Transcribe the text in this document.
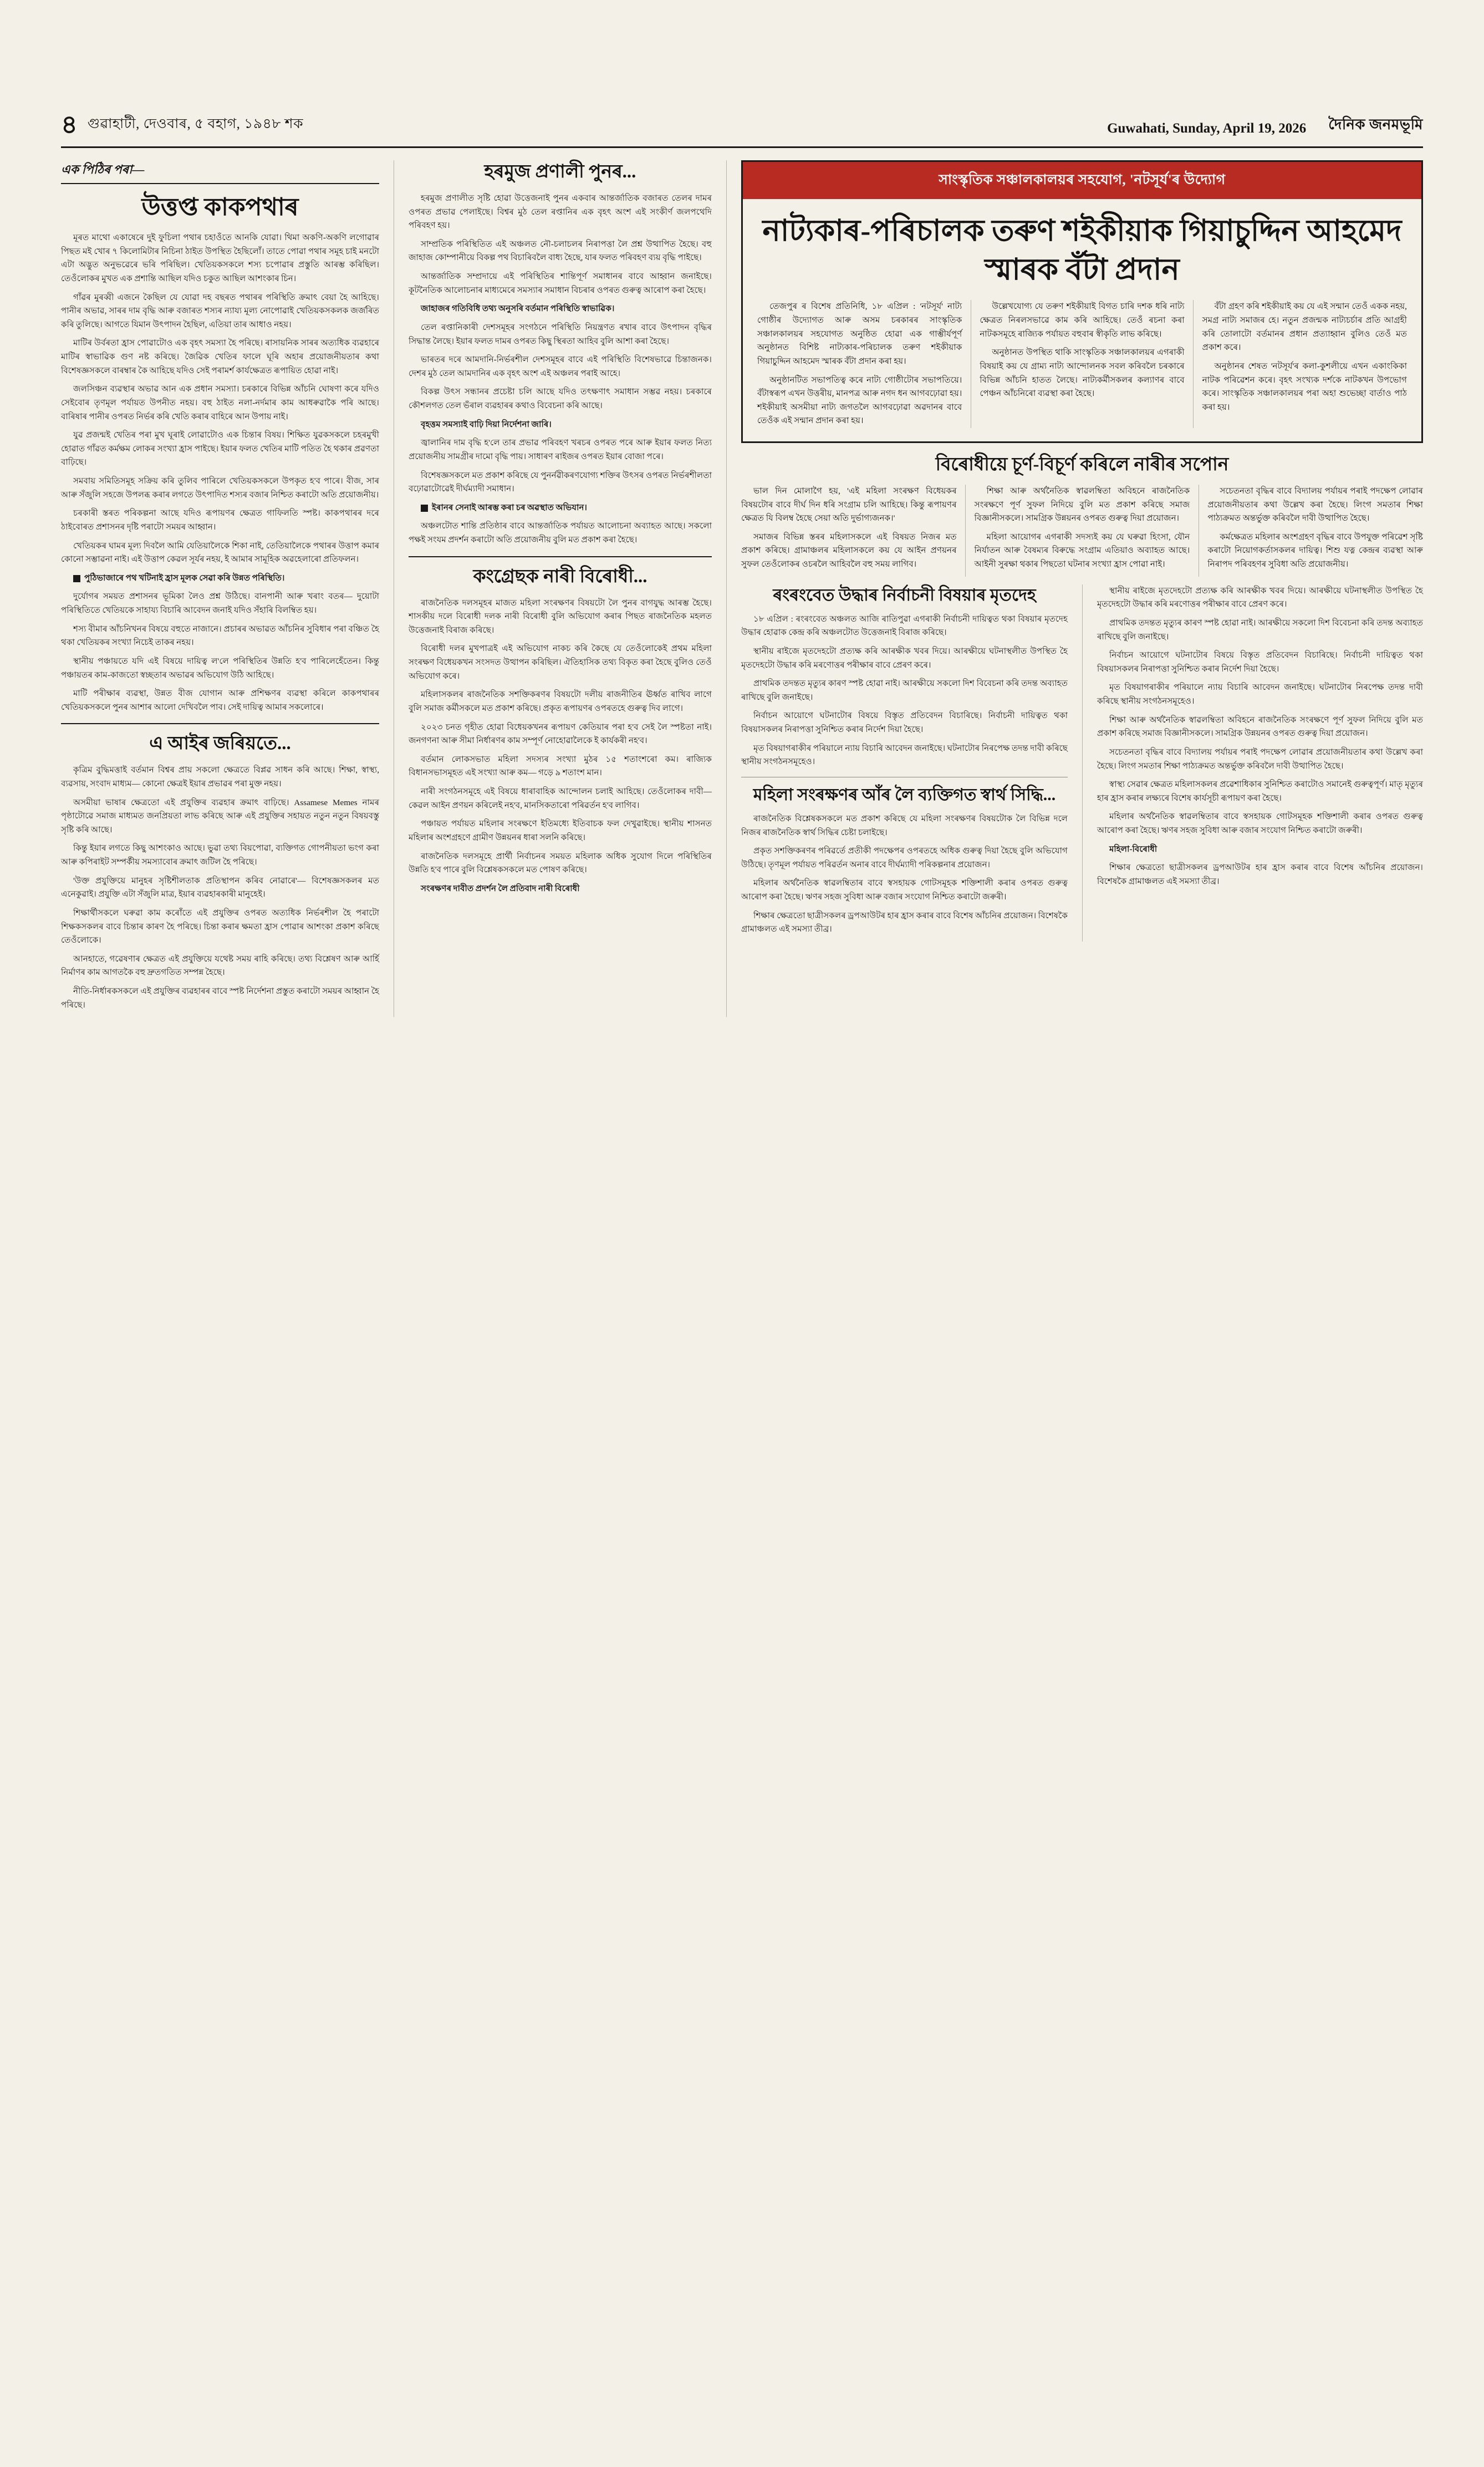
৪ গুৱাহাটী, দেওবাৰ, ৫ বহাগ, ১৯৪৮ শক	Guwahati, Sunday, April 19, 2026 দৈনিক জনমভূমি
এক পিঠিৰ পৰা—
উত্তপ্ত কাকপথাৰ

মূৰত মাথো একাষেৰে দুই ফুচিলা পথাৰ চহাওঁতে আনকি যোৱা। থিমা অকণি-অকণি লগোৱাৰ পিছত মই খোৰ ৭ কিলোমিটাৰ নিচিনা ঠাইত উপস্থিত হৈছিলোঁ। তাতে পোৱা পথাৰ সমূহ চাই মনটো এটা অদ্ভুত অনুভৱেৰে ভৰি পৰিছিল। খেতিয়কসকলে শস্য চপোৱাৰ প্ৰস্তুতি আৰম্ভ কৰিছিল। তেওঁলোকৰ মুখত এক প্ৰশান্তি আছিল যদিও চকুত আছিল আশংকাৰ চিন।

গাঁৱৰ মুৰব্বী এজনে কৈছিল যে যোৱা দহ বছৰত পথাৰৰ পৰিস্থিতি ক্ৰমাৎ বেয়া হৈ আহিছে। পানীৰ অভাৱ, সাৰৰ দাম বৃদ্ধি আৰু বজাৰত শস্যৰ ন্যায্য মূল্য নোপোৱাই খেতিয়কসকলক জৰ্জৰিত কৰি তুলিছে। আগতে যিমান উৎপাদন হৈছিল, এতিয়া তাৰ আধাও নহয়।

মাটিৰ উৰ্বৰতা হ্ৰাস পোৱাটোও এক বৃহৎ সমস্যা হৈ পৰিছে। ৰাসায়নিক সাৰৰ অত্যধিক ব্যৱহাৰে মাটিৰ স্বাভাৱিক গুণ নষ্ট কৰিছে। জৈৱিক খেতিৰ ফালে ঘূৰি অহাৰ প্ৰয়োজনীয়তাৰ কথা বিশেষজ্ঞসকলে বাৰম্বাৰ কৈ আহিছে যদিও সেই পৰামৰ্শ কাৰ্যক্ষেত্ৰত ৰূপায়িত হোৱা নাই।

জলসিঞ্চন ব্যৱস্থাৰ অভাৱ আন এক প্ৰধান সমস্যা। চৰকাৰে বিভিন্ন আঁচনি ঘোষণা কৰে যদিও সেইবোৰ তৃণমূল পৰ্যায়ত উপনীত নহয়। বহু ঠাইত নলা-নৰ্দমাৰ কাম আধৰুৱাকৈ পৰি আছে। বাৰিষাৰ পানীৰ ওপৰত নিৰ্ভৰ কৰি খেতি কৰাৰ বাহিৰে আন উপায় নাই।

যুৱ প্ৰজন্মই খেতিৰ পৰা মুখ ঘূৰাই লোৱাটোও এক চিন্তাৰ বিষয়। শিক্ষিত যুৱকসকলে চহৰমুখী হোৱাত গাঁৱত কৰ্মক্ষম লোকৰ সংখ্যা হ্ৰাস পাইছে। ইয়াৰ ফলত খেতিৰ মাটি পতিত হৈ থকাৰ প্ৰৱণতা বাঢ়িছে।

সমবায় সমিতিসমূহ সক্ৰিয় কৰি তুলিব পাৰিলে খেতিয়কসকলে উপকৃত হ'ব পাৰে। বীজ, সাৰ আৰু সঁজুলি সহজে উপলব্ধ কৰাৰ লগতে উৎপাদিত শস্যৰ বজাৰ নিশ্চিত কৰাটো অতি প্ৰয়োজনীয়।

চৰকাৰী স্তৰত পৰিকল্পনা আছে যদিও ৰূপায়ণৰ ক্ষেত্ৰত গাফিলতি স্পষ্ট। কাকপথাৰৰ দৰে ঠাইবোৰত প্ৰশাসনৰ দৃষ্টি পৰাটো সময়ৰ আহ্বান।

খেতিয়কৰ ঘামৰ মূল্য দিবলৈ আমি যেতিয়ালৈকে শিকা নাই, তেতিয়ালৈকে পথাৰৰ উত্তাপ কমাৰ কোনো সম্ভাৱনা নাই। এই উত্তাপ কেৱল সূৰ্যৰ নহয়, ই আমাৰ সামূহিক অৱহেলাৰো প্ৰতিফলন।

পুঠিভাজাৰে পথ খটিনাই হ্ৰাস মূলক সেৱা কৰি উন্নত পৰিস্থিতি।

দুৰ্যোগৰ সময়ত প্ৰশাসনৰ ভূমিকা লৈও প্ৰশ্ন উঠিছে। বানপানী আৰু খৰাং বতৰ— দুয়োটা পৰিস্থিতিতে খেতিয়কে সাহায্য বিচাৰি আবেদন জনাই যদিও সঁহাৰি বিলম্বিত হয়।

শস্য বীমাৰ আঁচনিখনৰ বিষয়ে বহুতে নাজানে। প্ৰচাৰৰ অভাৱত আঁচনিৰ সুবিধাৰ পৰা বঞ্চিত হৈ থকা খেতিয়কৰ সংখ্যা নিচেই তাকৰ নহয়।

স্থানীয় পঞ্চায়তে যদি এই বিষয়ে দায়িত্ব ল'লে পৰিস্থিতিৰ উন্নতি হ'ব পাৰিলেহেঁতেন। কিন্তু পঞ্চায়তৰ কাম-কাজতো স্বচ্ছতাৰ অভাৱৰ অভিযোগ উঠি আহিছে।

মাটি পৰীক্ষাৰ ব্যৱস্থা, উন্নত বীজ যোগান আৰু প্ৰশিক্ষণৰ ব্যৱস্থা কৰিলে কাকপথাৰৰ খেতিয়কসকলে পুনৰ আশাৰ আলো দেখিবলৈ পাব। সেই দায়িত্ব আমাৰ সকলোৰে।

এ আইৰ জৰিয়তে...

কৃত্ৰিম বুদ্ধিমত্তাই বৰ্তমান বিশ্বৰ প্ৰায় সকলো ক্ষেত্ৰতে বিপ্লৱ সাধন কৰি আছে। শিক্ষা, স্বাস্থ্য, ব্যৱসায়, সংবাদ মাধ্যম— কোনো ক্ষেত্ৰই ইয়াৰ প্ৰভাৱৰ পৰা মুক্ত নহয়।

অসমীয়া ভাষাৰ ক্ষেত্ৰতো এই প্ৰযুক্তিৰ ব্যৱহাৰ ক্ৰমাৎ বাঢ়িছে। Assamese Memes নামৰ পৃষ্ঠাটোৱে সমাজ মাধ্যমত জনপ্ৰিয়তা লাভ কৰিছে আৰু এই প্ৰযুক্তিৰ সহায়ত নতুন নতুন বিষয়বস্তু সৃষ্টি কৰি আছে।

কিন্তু ইয়াৰ লগতে কিছু আশংকাও আছে। ভুৱা তথ্য বিয়পোৱা, ব্যক্তিগত গোপনীয়তা ভংগ কৰা আৰু কপিৰাইট সম্পৰ্কীয় সমস্যাবোৰ ক্ৰমাৎ জটিল হৈ পৰিছে।

'উক্ত প্ৰযুক্তিয়ে মানুহৰ সৃষ্টিশীলতাক প্ৰতিস্থাপন কৰিব নোৱাৰে'— বিশেষজ্ঞসকলৰ মত এনেকুৱাই। প্ৰযুক্তি এটা সঁজুলি মাত্ৰ, ইয়াৰ ব্যৱহাৰকাৰী মানুহেই।

শিক্ষাৰ্থীসকলে ঘৰুৱা কাম কৰোঁতে এই প্ৰযুক্তিৰ ওপৰত অত্যধিক নিৰ্ভৰশীল হৈ পৰাটো শিক্ষকসকলৰ বাবে চিন্তাৰ কাৰণ হৈ পৰিছে। চিন্তা কৰাৰ ক্ষমতা হ্ৰাস পোৱাৰ আশংকা প্ৰকাশ কৰিছে তেওঁলোকে।

আনহাতে, গৱেষণাৰ ক্ষেত্ৰত এই প্ৰযুক্তিয়ে যথেষ্ট সময় ৰাহি কৰিছে। তথ্য বিশ্লেষণ আৰু আৰ্হি নিৰ্মাণৰ কাম আগতকৈ বহু দ্ৰুতগতিত সম্পন্ন হৈছে।

নীতি-নিৰ্ধাৰকসকলে এই প্ৰযুক্তিৰ ব্যৱহাৰৰ বাবে স্পষ্ট নিৰ্দেশনা প্ৰস্তুত কৰাটো সময়ৰ আহ্বান হৈ পৰিছে।

হৰমুজ প্ৰণালী পুনৰ...

হৰমুজ প্ৰণালীত সৃষ্টি হোৱা উত্তেজনাই পুনৰ একবাৰ আন্তৰ্জাতিক বজাৰত তেলৰ দামৰ ওপৰত প্ৰভাৱ পেলাইছে। বিশ্বৰ মুঠ তেল ৰপ্তানিৰ এক বৃহৎ অংশ এই সংকীৰ্ণ জলপথেদি পৰিবহণ হয়।

সাম্প্ৰতিক পৰিস্থিতিত এই অঞ্চলত নৌ-চলাচলৰ নিৰাপত্তা লৈ প্ৰশ্ন উত্থাপিত হৈছে। বহু জাহাজ কোম্পানীয়ে বিকল্প পথ বিচাৰিবলৈ বাধ্য হৈছে, যাৰ ফলত পৰিবহণ ব্যয় বৃদ্ধি পাইছে।

আন্তৰ্জাতিক সম্প্ৰদায়ে এই পৰিস্থিতিৰ শান্তিপূৰ্ণ সমাধানৰ বাবে আহ্বান জনাইছে। কূটনৈতিক আলোচনাৰ মাধ্যমেৰে সমস্যাৰ সমাধান বিচৰাৰ ওপৰত গুৰুত্ব আৰোপ কৰা হৈছে।

জাহাজৰ গতিবিধি তথ্য অনুসৰি বৰ্তমান পৰিস্থিতি স্বাভাৱিক।

তেল ৰপ্তানিকাৰী দেশসমূহৰ সংগঠনে পৰিস্থিতি নিয়ন্ত্ৰণত ৰখাৰ বাবে উৎপাদন বৃদ্ধিৰ সিদ্ধান্ত লৈছে। ইয়াৰ ফলত দামৰ ওপৰত কিছু স্থিৰতা আহিব বুলি আশা কৰা হৈছে।

ভাৰতৰ দৰে আমদানি-নিৰ্ভৰশীল দেশসমূহৰ বাবে এই পৰিস্থিতি বিশেষভাৱে চিন্তাজনক। দেশৰ মুঠ তেল আমদানিৰ এক বৃহৎ অংশ এই অঞ্চলৰ পৰাই আহে।

বিকল্প উৎস সন্ধানৰ প্ৰচেষ্টা চলি আছে যদিও তৎক্ষণাৎ সমাধান সম্ভৱ নহয়। চৰকাৰে কৌশলগত তেল ভঁৰাল ব্যৱহাৰৰ কথাও বিবেচনা কৰি আছে।

বৃহত্তম সমস্যাই বাঢ়ি দিয়া নিৰ্দেশনা জাৰি।

জ্বালানিৰ দাম বৃদ্ধি হ'লে তাৰ প্ৰভাৱ পৰিবহণ খৰচৰ ওপৰত পৰে আৰু ইয়াৰ ফলত নিত্য প্ৰয়োজনীয় সামগ্ৰীৰ দামো বৃদ্ধি পায়। সাধাৰণ ৰাইজৰ ওপৰত ইয়াৰ বোজা পৰে।

বিশেষজ্ঞসকলে মত প্ৰকাশ কৰিছে যে পুনৰ্নৱীকৰণযোগ্য শক্তিৰ উৎসৰ ওপৰত নিৰ্ভৰশীলতা বঢ়োৱাটোৱেই দীৰ্ঘম্যাদী সমাধান।

ইৰানৰ সেনাই আৰম্ভ কৰা চৰ অৱস্থাত অভিযান।

অঞ্চলটোত শান্তি প্ৰতিষ্ঠাৰ বাবে আন্তৰ্জাতিক পৰ্যায়ত আলোচনা অব্যাহত আছে। সকলো পক্ষই সংযম প্ৰদৰ্শন কৰাটো অতি প্ৰয়োজনীয় বুলি মত প্ৰকাশ কৰা হৈছে।

কংগ্ৰেছক নাৰী বিৰোধী...

ৰাজনৈতিক দলসমূহৰ মাজত মহিলা সংৰক্ষণৰ বিষয়টো লৈ পুনৰ বাগযুদ্ধ আৰম্ভ হৈছে। শাসকীয় দলে বিৰোধী দলক নাৰী বিৰোধী বুলি অভিযোগ কৰাৰ পিছত ৰাজনৈতিক মহলত উত্তেজনাই বিৰাজ কৰিছে।

বিৰোধী দলৰ মুখপাত্ৰই এই অভিযোগ নাকচ কৰি কৈছে যে তেওঁলোকেই প্ৰথম মহিলা সংৰক্ষণ বিধেয়কখন সংসদত উত্থাপন কৰিছিল। ঐতিহাসিক তথ্য বিকৃত কৰা হৈছে বুলিও তেওঁ অভিযোগ কৰে।

মহিলাসকলৰ ৰাজনৈতিক সশক্তিকৰণৰ বিষয়টো দলীয় ৰাজনীতিৰ ঊৰ্ধ্বত ৰাখিব লাগে বুলি সমাজ কৰ্মীসকলে মত প্ৰকাশ কৰিছে। প্ৰকৃত ৰূপায়ণৰ ওপৰতহে গুৰুত্ব দিব লাগে।

২০২৩ চনত গৃহীত হোৱা বিধেয়কখনৰ ৰূপায়ণ কেতিয়াৰ পৰা হ'ব সেই লৈ স্পষ্টতা নাই। জনগণনা আৰু সীমা নিৰ্ধাৰণৰ কাম সম্পূৰ্ণ নোহোৱালৈকে ই কাৰ্যকৰী নহ'ব।

বৰ্তমান লোকসভাত মহিলা সদস্যৰ সংখ্যা মুঠৰ ১৫ শতাংশৰো কম। ৰাজ্যিক বিধানসভাসমূহত এই সংখ্যা আৰু কম— গড়ে ৯ শতাংশ মান।

নাৰী সংগঠনসমূহে এই বিষয়ে ধাৰাবাহিক আন্দোলন চলাই আহিছে। তেওঁলোকৰ দাবী— কেৱল আইন প্ৰণয়ন কৰিলেই নহ'ব, মানসিকতাৰো পৰিৱৰ্তন হ'ব লাগিব।

পঞ্চায়ত পৰ্যায়ত মহিলাৰ সংৰক্ষণে ইতিমধ্যে ইতিবাচক ফল দেখুৱাইছে। স্থানীয় শাসনত মহিলাৰ অংশগ্ৰহণে গ্ৰামীণ উন্নয়নৰ ধাৰা সলনি কৰিছে।

ৰাজনৈতিক দলসমূহে প্ৰাৰ্থী নিৰ্বাচনৰ সময়ত মহিলাক অধিক সুযোগ দিলে পৰিস্থিতিৰ উন্নতি হ'ব পাৰে বুলি বিশ্লেষকসকলে মত পোষণ কৰিছে।

সংৰক্ষণৰ দাবীত প্ৰদৰ্শন লৈ প্ৰতিবাদ নাৰী বিৰোধী

সাংস্কৃতিক সঞ্চালকালয়ৰ সহযোগ, 'নটসূৰ্য'ৰ উদ্যোগ
নাট্যকাৰ-পৰিচালক তৰুণ শইকীয়াক গিয়াচুদ্দিন আহমেদ স্মাৰক বঁটা প্ৰদান

তেজপুৰ ৰ বিশেষ প্ৰতিনিধি, ১৮ এপ্ৰিল : 'নটসূৰ্য' নাট্য গোষ্ঠীৰ উদ্যোগত আৰু অসম চৰকাৰৰ সাংস্কৃতিক সঞ্চালকালয়ৰ সহযোগত অনুষ্ঠিত হোৱা এক গাম্ভীৰ্যপূৰ্ণ অনুষ্ঠানত বিশিষ্ট নাট্যকাৰ-পৰিচালক তৰুণ শইকীয়াক গিয়াচুদ্দিন আহমেদ স্মাৰক বঁটা প্ৰদান কৰা হয়।

অনুষ্ঠানটিত সভাপতিত্ব কৰে নাট্য গোষ্ঠীটোৰ সভাপতিয়ে। বঁটাস্বৰূপ এখন উত্তৰীয়, মানপত্ৰ আৰু নগদ ধন আগবঢ়োৱা হয়। শইকীয়াই অসমীয়া নাট্য জগতলৈ আগবঢ়োৱা অৱদানৰ বাবে তেওঁক এই সন্মান প্ৰদান কৰা হয়।

উল্লেখযোগ্য যে তৰুণ শইকীয়াই বিগত চাৰি দশক ধৰি নাট্য ক্ষেত্ৰত নিৰলসভাৱে কাম কৰি আহিছে। তেওঁ ৰচনা কৰা নাটকসমূহে ৰাজ্যিক পৰ্যায়ত বহুবাৰ স্বীকৃতি লাভ কৰিছে।

অনুষ্ঠানত উপস্থিত থাকি সাংস্কৃতিক সঞ্চালকালয়ৰ এগৰাকী বিষয়াই কয় যে গ্ৰাম্য নাট্য আন্দোলনক সবল কৰিবলৈ চৰকাৰে বিভিন্ন আঁচনি হাতত লৈছে। নাট্যকৰ্মীসকলৰ কল্যাণৰ বাবে পেঞ্চন আঁচনিৰো ব্যৱস্থা কৰা হৈছে।

বঁটা গ্ৰহণ কৰি শইকীয়াই কয় যে এই সন্মান তেওঁ একক নহয়, সমগ্ৰ নাট্য সমাজৰ হে। নতুন প্ৰজন্মক নাট্যচৰ্চাৰ প্ৰতি আগ্ৰহী কৰি তোলাটো বৰ্তমানৰ প্ৰধান প্ৰত্যাহ্বান বুলিও তেওঁ মত প্ৰকাশ কৰে।

অনুষ্ঠানৰ শেষত 'নটসূৰ্য'ৰ কলা-কুশলীয়ে এখন একাংকিকা নাটক পৰিৱেশন কৰে। বৃহৎ সংখ্যক দৰ্শকে নাটকখন উপভোগ কৰে। সাংস্কৃতিক সঞ্চালকালয়ৰ পৰা অহা শুভেচ্ছা বাৰ্তাও পাঠ কৰা হয়।

বিৰোধীয়ে চূৰ্ণ-বিচূৰ্ণ কৰিলে নাৰীৰ সপোন

ভাল দিন মোলাগৈ হয়, 'এই মহিলা সংৰক্ষণ বিধেয়কৰ বিষয়টোৰ বাবে দীৰ্ঘ দিন ধৰি সংগ্ৰাম চলি আহিছে। কিন্তু ৰূপায়ণৰ ক্ষেত্ৰত যি বিলম্ব হৈছে সেয়া অতি দুৰ্ভাগ্যজনক।'

সমাজৰ বিভিন্ন স্তৰৰ মহিলাসকলে এই বিষয়ত নিজৰ মত প্ৰকাশ কৰিছে। গ্ৰামাঞ্চলৰ মহিলাসকলে কয় যে আইন প্ৰণয়নৰ সুফল তেওঁলোকৰ ওচৰলৈ আহিবলৈ বহু সময় লাগিব।

শিক্ষা আৰু অৰ্থনৈতিক স্বাৱলম্বিতা অবিহনে ৰাজনৈতিক সংৰক্ষণে পূৰ্ণ সুফল নিদিয়ে বুলি মত প্ৰকাশ কৰিছে সমাজ বিজ্ঞানীসকলে। সামগ্ৰিক উন্নয়নৰ ওপৰত গুৰুত্ব দিয়া প্ৰয়োজন।

মহিলা আয়োগৰ এগৰাকী সদস্যই কয় যে ঘৰুৱা হিংসা, যৌন নিৰ্যাতন আৰু বৈষম্যৰ বিৰুদ্ধে সংগ্ৰাম এতিয়াও অব্যাহত আছে। আইনী সুৰক্ষা থকাৰ পিছতো ঘটনাৰ সংখ্যা হ্ৰাস পোৱা নাই।

সচেতনতা বৃদ্ধিৰ বাবে বিদ্যালয় পৰ্যায়ৰ পৰাই পদক্ষেপ লোৱাৰ প্ৰয়োজনীয়তাৰ কথা উল্লেখ কৰা হৈছে। লিংগ সমতাৰ শিক্ষা পাঠ্যক্ৰমত অন্তৰ্ভুক্ত কৰিবলৈ দাবী উত্থাপিত হৈছে।

কৰ্মক্ষেত্ৰত মহিলাৰ অংশগ্ৰহণ বৃদ্ধিৰ বাবে উপযুক্ত পৰিৱেশ সৃষ্টি কৰাটো নিয়োগকৰ্তাসকলৰ দায়িত্ব। শিশু যত্ন কেন্দ্ৰৰ ব্যৱস্থা আৰু নিৰাপদ পৰিবহণৰ সুবিধা অতি প্ৰয়োজনীয়।

ৰংৰংবেত উদ্ধাৰ নিৰ্বাচনী বিষয়াৰ মৃতদেহ

১৮ এপ্ৰিল : ৰংৰংবেত অঞ্চলত আজি ৰাতিপুৱা এগৰাকী নিৰ্বাচনী দায়িত্বত থকা বিষয়াৰ মৃতদেহ উদ্ধাৰ হোৱাক কেন্দ্ৰ কৰি অঞ্চলটোত উত্তেজনাই বিৰাজ কৰিছে।

স্থানীয় ৰাইজে মৃতদেহটো প্ৰত্যক্ষ কৰি আৰক্ষীক খবৰ দিয়ে। আৰক্ষীয়ে ঘটনাস্থলীত উপস্থিত হৈ মৃতদেহটো উদ্ধাৰ কৰি মৰণোত্তৰ পৰীক্ষাৰ বাবে প্ৰেৰণ কৰে।

প্ৰাথমিক তদন্তত মৃত্যুৰ কাৰণ স্পষ্ট হোৱা নাই। আৰক্ষীয়ে সকলো দিশ বিবেচনা কৰি তদন্ত অব্যাহত ৰাখিছে বুলি জনাইছে।

নিৰ্বাচন আয়োগে ঘটনাটোৰ বিষয়ে বিস্তৃত প্ৰতিবেদন বিচাৰিছে। নিৰ্বাচনী দায়িত্বত থকা বিষয়াসকলৰ নিৰাপত্তা সুনিশ্চিত কৰাৰ নিৰ্দেশ দিয়া হৈছে।

মৃত বিষয়াগৰাকীৰ পৰিয়ালে ন্যায় বিচাৰি আবেদন জনাইছে। ঘটনাটোৰ নিৰপেক্ষ তদন্ত দাবী কৰিছে স্থানীয় সংগঠনসমূহেও।

মহিলা সংৰক্ষণৰ আঁৰ লৈ ব্যক্তিগত স্বাৰ্থ সিদ্ধি...

ৰাজনৈতিক বিশ্লেষকসকলে মত প্ৰকাশ কৰিছে যে মহিলা সংৰক্ষণৰ বিষয়টোক লৈ বিভিন্ন দলে নিজৰ ৰাজনৈতিক স্বাৰ্থ সিদ্ধিৰ চেষ্টা চলাইছে।

প্ৰকৃত সশক্তিকৰণৰ পৰিৱৰ্তে প্ৰতীকী পদক্ষেপৰ ওপৰতহে অধিক গুৰুত্ব দিয়া হৈছে বুলি অভিযোগ উঠিছে। তৃণমূল পৰ্যায়ত পৰিৱৰ্তন অনাৰ বাবে দীৰ্ঘম্যাদী পৰিকল্পনাৰ প্ৰয়োজন।

মহিলাৰ অৰ্থনৈতিক স্বাৱলম্বিতাৰ বাবে স্বসহায়ক গোটসমূহক শক্তিশালী কৰাৰ ওপৰত গুৰুত্ব আৰোপ কৰা হৈছে। ঋণৰ সহজ সুবিধা আৰু বজাৰ সংযোগ নিশ্চিত কৰাটো জৰুৰী।

শিক্ষাৰ ক্ষেত্ৰতো ছাত্ৰীসকলৰ ড্ৰপআউটৰ হাৰ হ্ৰাস কৰাৰ বাবে বিশেষ আঁচনিৰ প্ৰয়োজন। বিশেষকৈ গ্ৰামাঞ্চলত এই সমস্যা তীব্ৰ।

স্থানীয় ৰাইজে মৃতদেহটো প্ৰত্যক্ষ কৰি আৰক্ষীক খবৰ দিয়ে। আৰক্ষীয়ে ঘটনাস্থলীত উপস্থিত হৈ মৃতদেহটো উদ্ধাৰ কৰি মৰণোত্তৰ পৰীক্ষাৰ বাবে প্ৰেৰণ কৰে।

প্ৰাথমিক তদন্তত মৃত্যুৰ কাৰণ স্পষ্ট হোৱা নাই। আৰক্ষীয়ে সকলো দিশ বিবেচনা কৰি তদন্ত অব্যাহত ৰাখিছে বুলি জনাইছে।

নিৰ্বাচন আয়োগে ঘটনাটোৰ বিষয়ে বিস্তৃত প্ৰতিবেদন বিচাৰিছে। নিৰ্বাচনী দায়িত্বত থকা বিষয়াসকলৰ নিৰাপত্তা সুনিশ্চিত কৰাৰ নিৰ্দেশ দিয়া হৈছে।

মৃত বিষয়াগৰাকীৰ পৰিয়ালে ন্যায় বিচাৰি আবেদন জনাইছে। ঘটনাটোৰ নিৰপেক্ষ তদন্ত দাবী কৰিছে স্থানীয় সংগঠনসমূহেও।

শিক্ষা আৰু অৰ্থনৈতিক স্বাৱলম্বিতা অবিহনে ৰাজনৈতিক সংৰক্ষণে পূৰ্ণ সুফল নিদিয়ে বুলি মত প্ৰকাশ কৰিছে সমাজ বিজ্ঞানীসকলে। সামগ্ৰিক উন্নয়নৰ ওপৰত গুৰুত্ব দিয়া প্ৰয়োজন।

সচেতনতা বৃদ্ধিৰ বাবে বিদ্যালয় পৰ্যায়ৰ পৰাই পদক্ষেপ লোৱাৰ প্ৰয়োজনীয়তাৰ কথা উল্লেখ কৰা হৈছে। লিংগ সমতাৰ শিক্ষা পাঠ্যক্ৰমত অন্তৰ্ভুক্ত কৰিবলৈ দাবী উত্থাপিত হৈছে।

স্বাস্থ্য সেৱাৰ ক্ষেত্ৰত মহিলাসকলৰ প্ৰৱেশাধিকাৰ সুনিশ্চিত কৰাটোও সমানেই গুৰুত্বপূৰ্ণ। মাতৃ মৃত্যুৰ হাৰ হ্ৰাস কৰাৰ লক্ষ্যৰে বিশেষ কাৰ্যসূচী ৰূপায়ণ কৰা হৈছে।

মহিলাৰ অৰ্থনৈতিক স্বাৱলম্বিতাৰ বাবে স্বসহায়ক গোটসমূহক শক্তিশালী কৰাৰ ওপৰত গুৰুত্ব আৰোপ কৰা হৈছে। ঋণৰ সহজ সুবিধা আৰু বজাৰ সংযোগ নিশ্চিত কৰাটো জৰুৰী।

মহিলা-বিৰোধী

শিক্ষাৰ ক্ষেত্ৰতো ছাত্ৰীসকলৰ ড্ৰপআউটৰ হাৰ হ্ৰাস কৰাৰ বাবে বিশেষ আঁচনিৰ প্ৰয়োজন। বিশেষকৈ গ্ৰামাঞ্চলত এই সমস্যা তীব্ৰ।
